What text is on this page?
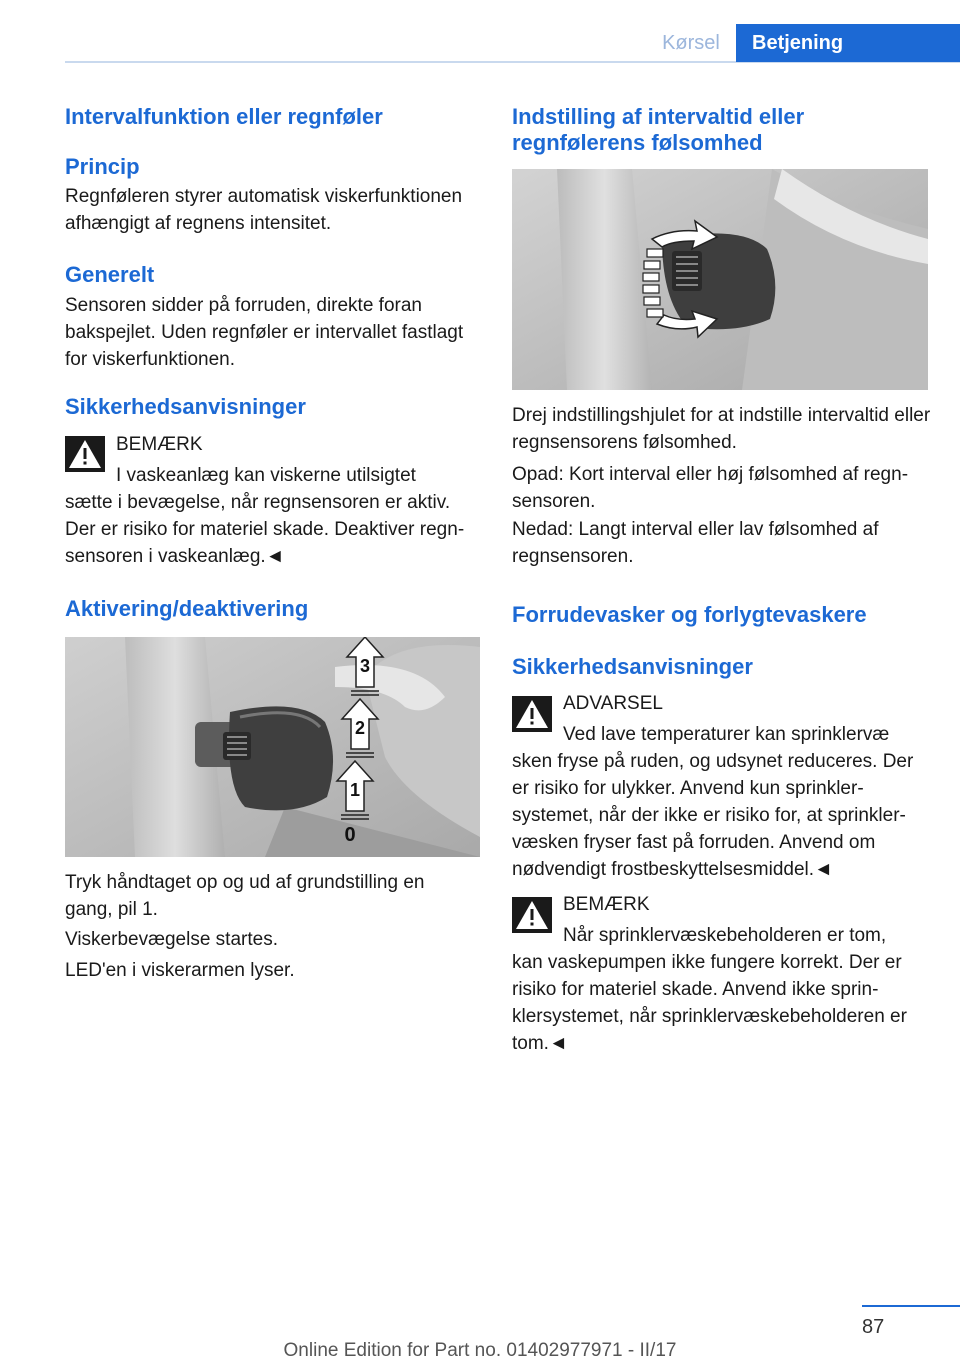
Kørsel	Betjening
Intervalfunktion eller regnføler
Princip

Regnføleren styrer automatisk viskerfunktionen afhængigt af regnens intensitet.

Generelt

Sensoren sidder på forruden, direkte foran bakspejlet. Uden regnføler er intervallet fastlagt for viskerfunktionen.

Sikkerhedsanvisninger

BEMÆRK

I vaskeanlæg kan viskerne utilsigtet

sætte i bevægelse, når regnsensoren er aktiv. Der er risiko for materiel skade. Deaktiver regnsensoren i vaskeanlæg.◄

Aktivering/deaktivering
3
2
1
0

Tryk håndtaget op og ud af grundstilling en gang, pil 1.

Viskerbevægelse startes.

LED'en i viskerarmen lyser.

Indstilling af intervaltid eller regnfølerens følsomhed

Drej indstillingshjulet for at indstille intervaltid eller regnsensorens følsomhed.

Opad: Kort interval eller høj følsomhed af regnsensoren.

Nedad: Langt interval eller lav følsomhed af regnsensoren.

Forrudevasker og forlygtevaskere
Sikkerhedsanvisninger

ADVARSEL

Ved lave temperaturer kan sprinklervæ

sken fryse på ruden, og udsynet reduceres. Der er risiko for ulykker. Anvend kun sprinklersystemet, når der ikke er risiko for, at sprinklervæsken fryser fast på forruden. Anvend om nødvendigt frostbeskyttelsesmiddel.◄

BEMÆRK

Når sprinklervæskebeholderen er tom,

kan vaskepumpen ikke fungere korrekt. Der er risiko for materiel skade. Anvend ikke sprinklersystemet, når sprinklervæskebeholderen er tom.◄

87
Online Edition for Part no. 01402977971 - II/17
